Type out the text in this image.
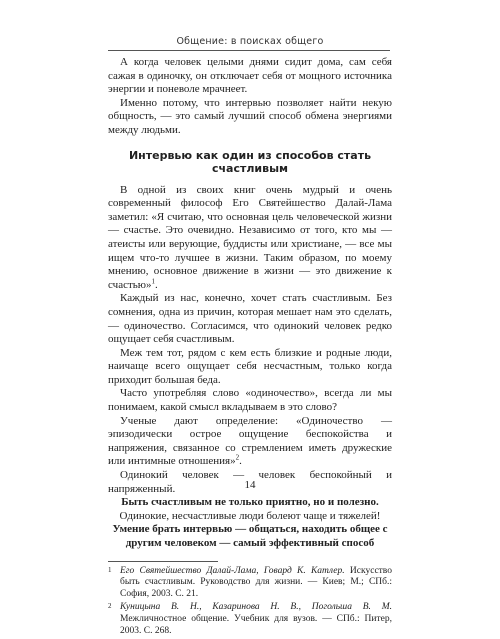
Общение: в поисках общего

А когда человек целыми днями сидит дома, сам себя сажая в одиночку, он отключает себя от мощного источника энергии и поневоле мрачнеет.

Именно потому, что интервью позволяет найти некую общность, — это самый лучший способ обмена энергиями между людьми.

Интервью как один из способов стать счастливым

В одной из своих книг очень мудрый и очень современный философ Его Святейшество Далай-Лама заметил: «Я считаю, что основная цель человеческой жизни — счастье. Это очевидно. Независимо от того, кто мы — атеисты или верующие, буддисты или христиане, — все мы ищем что-то лучшее в жизни. Таким образом, по моему мнению, основное движение в жизни — это движение к счастью»$^1$.

Каждый из нас, конечно, хочет стать счастливым. Без сомнения, одна из причин, которая мешает нам это сделать, — одиночество. Согласимся, что одинокий человек редко ощущает себя счастливым.

Меж тем тот, рядом с кем есть близкие и родные люди, наичаще всего ощущает себя несчастным, только когда приходит большая беда.

Часто употребляя слово «одиночество», всегда ли мы понимаем, какой смысл вкладываем в это слово?

Ученые дают определение: «Одиночество — эпизодически острое ощущение беспокойства и напряжения, связанное со стремлением иметь дружеские или интимные отношения»$^2$.

Одинокий человек — человек беспокойный и напряженный.

Быть счастливым не только приятно, но и полезно.

Одинокие, несчастливые люди болеют чаще и тяжелей!

Умение брать интервью — общаться, находить общее с другим человеком — самый эффективный способ

1 Его Святейшество Далай-Лама, Говард К. Катлер. Искусство быть счастливым. Руководство для жизни. — Киев; М.; СПб.: София, 2003. С. 21.
2 Куницына В. Н., Казаринова Н. В., Погольша В. М. Межличностное общение. Учебник для вузов. — СПб.: Питер, 2003. С. 268.
14
